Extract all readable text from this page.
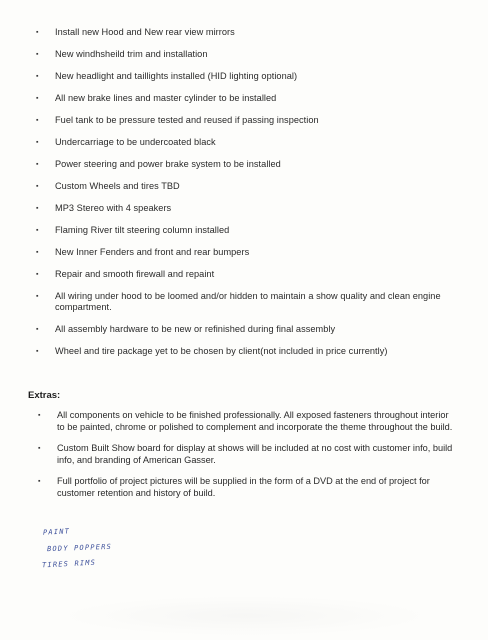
▪ Install new Hood and New rear view mirrors
▪ New windhsheild trim and installation
▪ New headlight and taillights installed (HID lighting optional)
▪ All new brake lines and master cylinder to be installed
▪ Fuel tank to be pressure tested and reused if passing inspection
▪ Undercarriage to be undercoated black
▪ Power steering and power brake system to be installed
▪ Custom Wheels and tires TBD
▪ MP3 Stereo with 4 speakers
▪ Flaming River tilt steering column installed
▪ New Inner Fenders and front and rear bumpers
▪ Repair and smooth firewall and repaint
▪ All wiring under hood to be loomed and/or hidden to maintain a show quality and clean engine compartment.
▪ All assembly hardware to be new or refinished during final assembly
▪ Wheel and tire package yet to be chosen by client(not included in price currently)
Extras:
▪ All components on vehicle to be finished professionally. All exposed fasteners throughout interior to be painted, chrome or polished to complement and incorporate the theme throughout the build.
▪ Custom Built Show board for display at shows will be included at no cost with customer info, build info, and branding of American Gasser.
▪ Full portfolio of project pictures will be supplied in the form of a DVD at the end of project for customer retention and history of build.
PAINT
BODY POPPERS
TIRES RIMS
